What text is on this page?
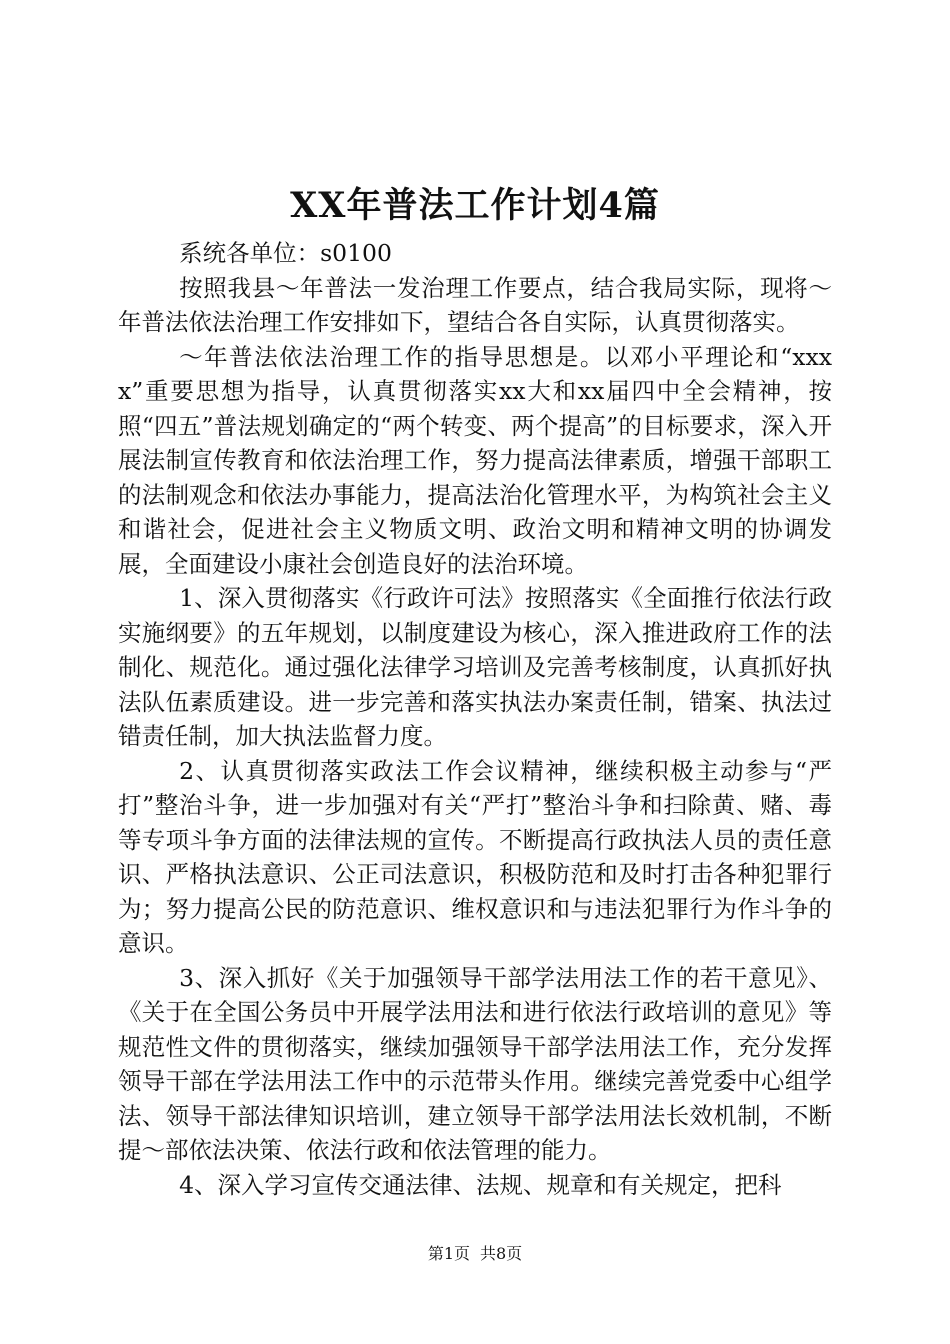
XX年普法工作计划4篇

系统各单位：s0100

按照我县～年普法一发治理工作要点，结合我局实际，现将～年普法依法治理工作安排如下，望结合各自实际，认真贯彻落实。

～年普法依法治理工作的指导思想是。以邓小平理论和“xxxx”重要思想为指导，认真贯彻落实xx大和xx届四中全会精神，按照“四五”普法规划确定的“两个转变、两个提高”的目标要求，深入开展法制宣传教育和依法治理工作，努力提高法律素质，增强干部职工的法制观念和依法办事能力，提高法治化管理水平，为构筑社会主义和谐社会，促进社会主义物质文明、政治文明和精神文明的协调发展，全面建设小康社会创造良好的法治环境。

1、深入贯彻落实《行政许可法》按照落实《全面推行依法行政实施纲要》的五年规划，以制度建设为核心，深入推进政府工作的法制化、规范化。通过强化法律学习培训及完善考核制度，认真抓好执法队伍素质建设。进一步完善和落实执法办案责任制，错案、执法过错责任制，加大执法监督力度。

2、认真贯彻落实政法工作会议精神，继续积极主动参与“严打”整治斗争，进一步加强对有关“严打”整治斗争和扫除黄、赌、毒等专项斗争方面的法律法规的宣传。不断提高行政执法人员的责任意识、严格执法意识、公正司法意识，积极防范和及时打击各种犯罪行为；努力提高公民的防范意识、维权意识和与违法犯罪行为作斗争的意识。

3、深入抓好《关于加强领导干部学法用法工作的若干意见》、《关于在全国公务员中开展学法用法和进行依法行政培训的意见》等规范性文件的贯彻落实，继续加强领导干部学法用法工作，充分发挥领导干部在学法用法工作中的示范带头作用。继续完善党委中心组学法、领导干部法律知识培训，建立领导干部学法用法长效机制，不断提～部依法决策、依法行政和依法管理的能力。

4、深入学习宣传交通法律、法规、规章和有关规定，把科

第1页 共8页
